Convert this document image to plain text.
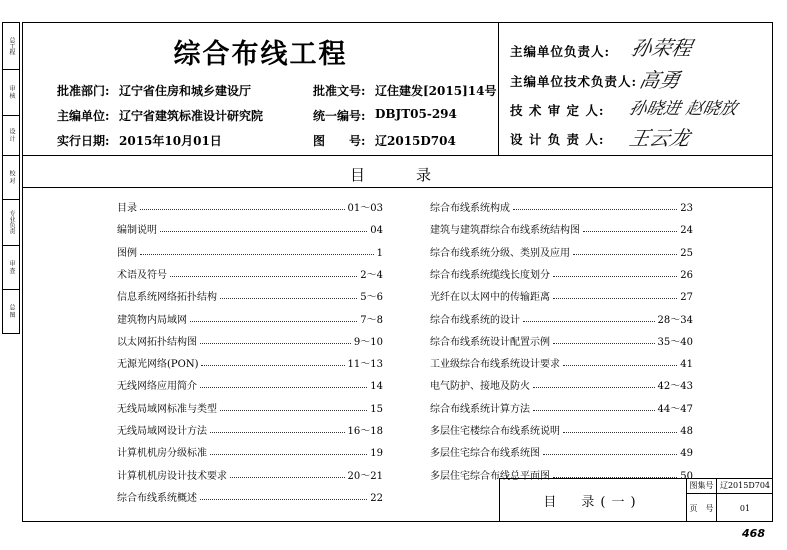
总工程
审 核
设 计
校 对
专业负责
审 查
总 图
综合布线工程
批准部门: 辽宁省住房和城乡建设厅	批准文号: 辽住建发[2015]14号
主编单位: 辽宁省建筑标准设计研究院	统一编号: DBJT05-294
实行日期: 2015年10月01日	图　　号: 辽2015D704
主编单位负责人: 孙荣程
主编单位技术负责人: 高勇
技 术 审 定 人: 孙晓进 赵晓放
设 计 负 责 人: 王云龙
目　录
目录	01～03
编制说明	04
图例	1
术语及符号	2～4
信息系统网络拓扑结构	5～6
建筑物内局域网	7～8
以太网拓扑结构图	9～10
无源光网络(PON)	11～13
无线网络应用简介	14
无线局域网标准与类型	15
无线局域网设计方法	16～18
计算机机房分级标准	19
计算机机房设计技术要求	20～21
综合布线系统概述	22
综合布线系统构成	23
建筑与建筑群综合布线系统结构图	24
综合布线系统分级、类别及应用	25
综合布线系统缆线长度划分	26
光纤在以太网中的传输距离	27
综合布线系统的设计	28～34
综合布线系统设计配置示例	35～40
工业级综合布线系统设计要求	41
电气防护、接地及防火	42～43
综合布线系统计算方法	44～47
多层住宅楼综合布线系统说明	48
多层住宅综合布线系统图	49
多层住宅综合布线总平面图	50
目　录(一)
图集号 辽2015D704
页　号	01
468
